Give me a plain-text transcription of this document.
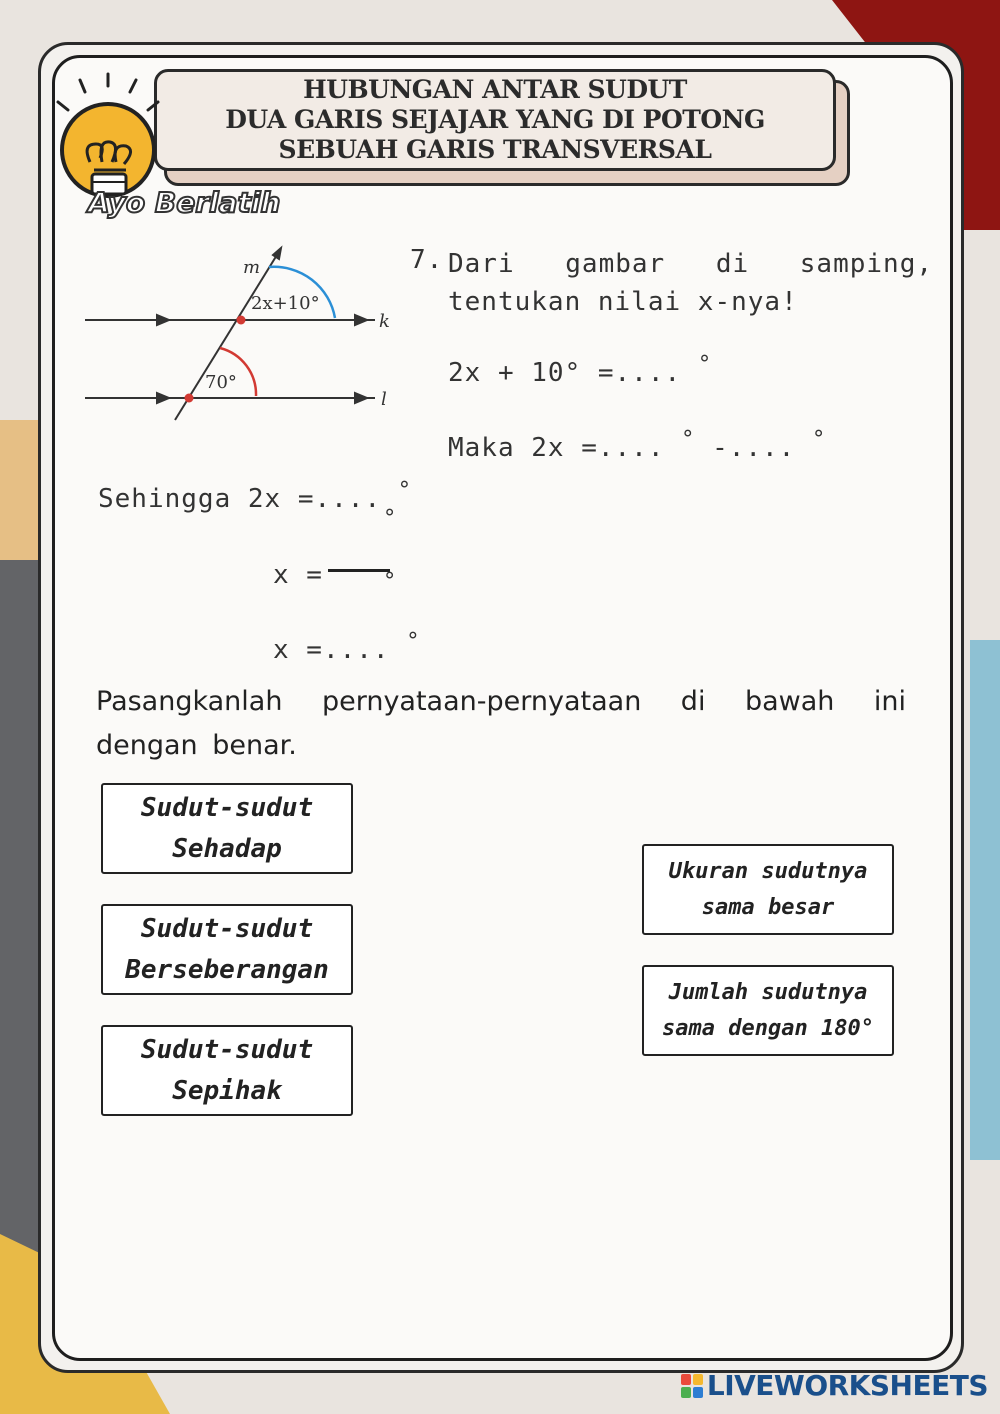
HUBUNGAN ANTAR SUDUT
DUA GARIS SEJAJAR YANG DI POTONG
SEBUAH GARIS TRANSVERSAL
Ayo Berlatih
m
k
l
2x+10°
70°
7. Dari gambar di samping, tentukan nilai x-nya!
2x + 10° =.... °
Maka 2x =.... ° -.... °
Sehingga 2x =.... °
°
x =	°
x =.... °
Pasangkanlah pernyataan-pernyataan di bawah ini dengan benar.
Sudut-sudut
Sehadap
Sudut-sudut
Berseberangan
Sudut-sudut
Sepihak
Ukuran sudutnya
sama besar
Jumlah sudutnya
sama dengan 180°
LIVEWORKSHEETS
